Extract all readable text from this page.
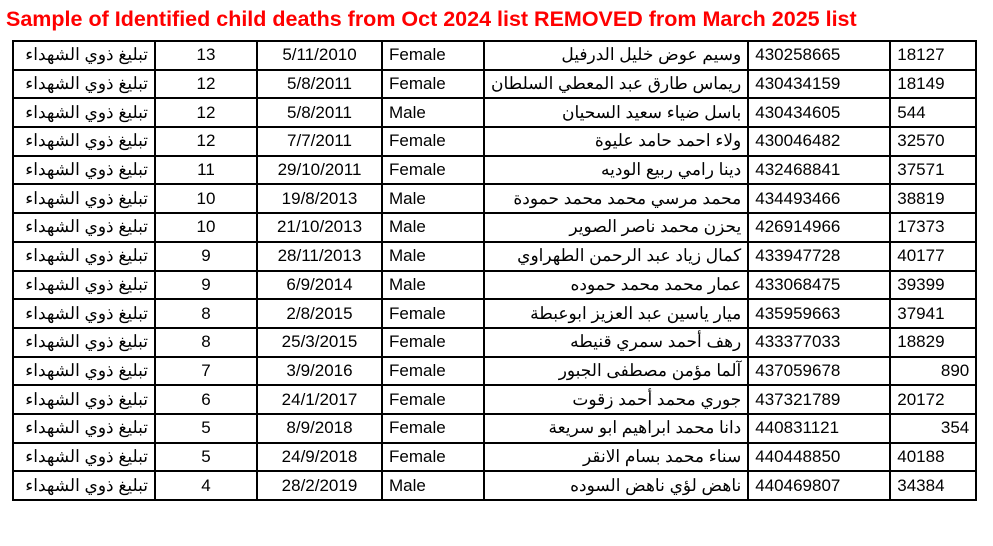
Sample of Identified child deaths from Oct 2024 list REMOVED from March 2025 list
تبليغ ذوي الشهداء	13	5/11/2010	Female	وسيم عوض خليل الدرفيل	430258665	18127
تبليغ ذوي الشهداء	12	5/8/2011	Female	ريماس طارق عبد المعطي السلطان	430434159	18149
تبليغ ذوي الشهداء	12	5/8/2011	Male	باسل ضياء سعيد السحيان	430434605	544
تبليغ ذوي الشهداء	12	7/7/2011	Female	ولاء احمد حامد عليوة	430046482	32570
تبليغ ذوي الشهداء	11	29/10/2011	Female	دينا رامي ربيع الوديه	432468841	37571
تبليغ ذوي الشهداء	10	19/8/2013	Male	محمد مرسي محمد محمد حمودة	434493466	38819
تبليغ ذوي الشهداء	10	21/10/2013	Male	يحزن محمد ناصر الصوير	426914966	17373
تبليغ ذوي الشهداء	9	28/11/2013	Male	كمال زياد عبد الرحمن الطهراوي	433947728	40177
تبليغ ذوي الشهداء	9	6/9/2014	Male	عمار محمد محمد حموده	433068475	39399
تبليغ ذوي الشهداء	8	2/8/2015	Female	ميار ياسين عبد العزيز ابوعبطة	435959663	37941
تبليغ ذوي الشهداء	8	25/3/2015	Female	رهف أحمد سمري قنيطه	433377033	18829
تبليغ ذوي الشهداء	7	3/9/2016	Female	آلما مؤمن مصطفى الجبور	437059678	890
تبليغ ذوي الشهداء	6	24/1/2017	Female	جوري محمد أحمد زقوت	437321789	20172
تبليغ ذوي الشهداء	5	8/9/2018	Female	دانا محمد ابراهيم ابو سريعة	440831121	354
تبليغ ذوي الشهداء	5	24/9/2018	Female	سناء محمد بسام الانقر	440448850	40188
تبليغ ذوي الشهداء	4	28/2/2019	Male	ناهض لؤي ناهض السوده	440469807	34384
